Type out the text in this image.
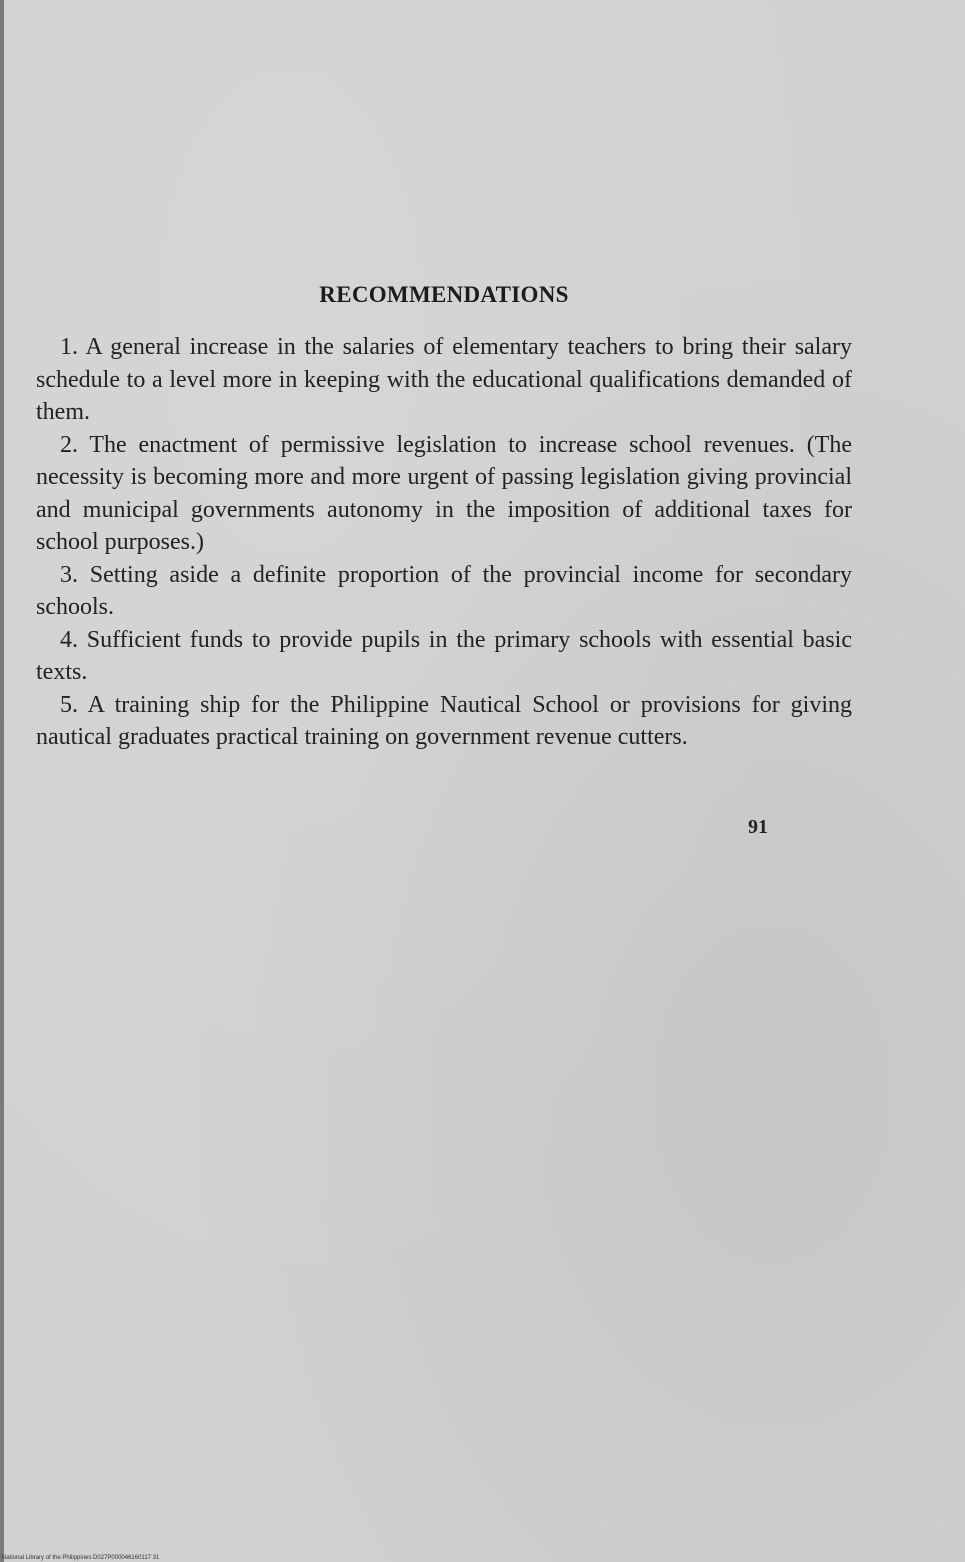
RECOMMENDATIONS

1. A general increase in the salaries of elementary teachers to bring their salary schedule to a level more in keeping with the educational qualifications demanded of them.

2. The enactment of permissive legislation to increase school revenues. (The necessity is becoming more and more urgent of passing legislation giving provincial and municipal governments autonomy in the imposition of additional taxes for school purposes.)

3. Setting aside a definite proportion of the provincial income for secondary schools.

4. Sufficient funds to provide pupils in the primary schools with essential basic texts.

5. A training ship for the Philippine Nautical School or provisions for giving nautical graduates practical training on government revenue cutters.

91
National Library of the Philippines D027P000046160117 31
